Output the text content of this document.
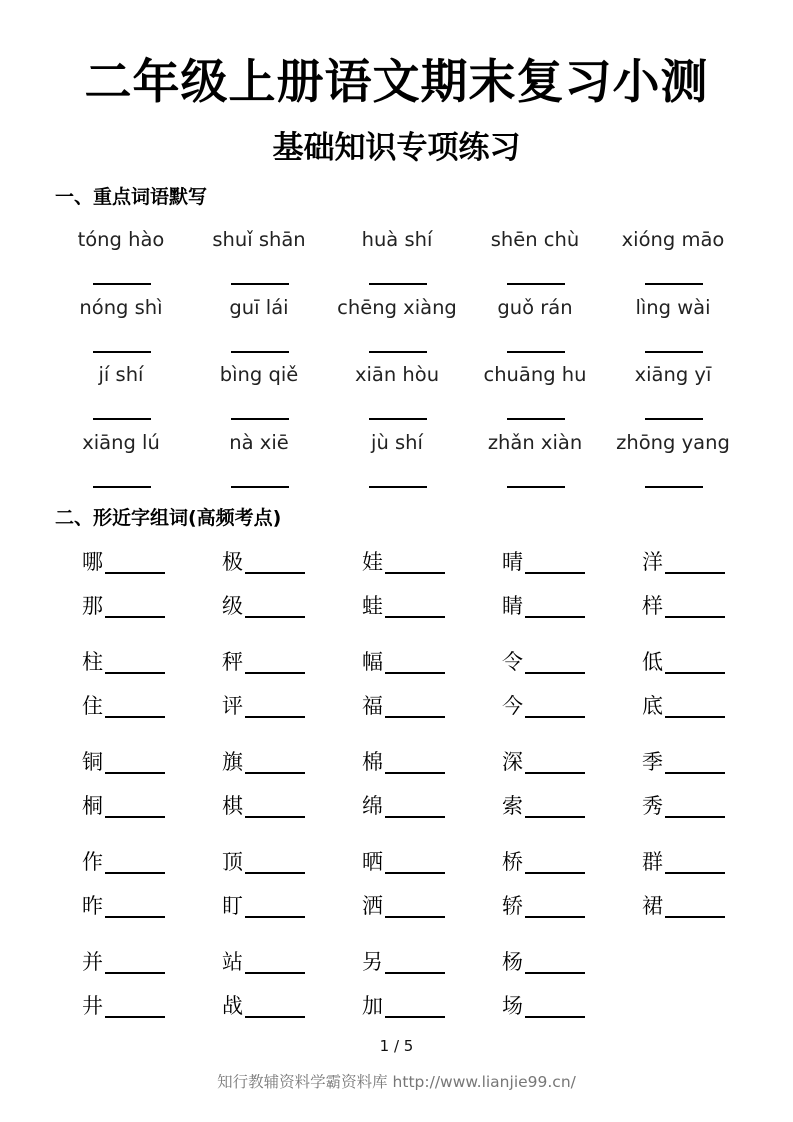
二年级上册语文期末复习小测
基础知识专项练习
一、重点词语默写
tóng hào	shuǐ shān	huà shí	shēn chù	xióng māo
nóng shì	guī lái	chēng xiàng	guǒ rán	lìng wài
jí shí	bìng qiě	xiān hòu	chuāng hu	xiāng yī
xiāng lú	nà xiē	jù shí	zhǎn xiàn	zhōng yang
二、形近字组词(高频考点)
哪	极	娃	晴	洋
那	级	蛙	睛	样
柱	秤	幅	令	低
住	评	福	今	底
铜	旗	棉	深	季
桐	棋	绵	索	秀
作	顶	晒	桥	群
昨	盯	洒	轿	裙
并	站	另	杨
井	战	加	场
1 / 5
知行教辅资料学霸资料库 http://www.lianjie99.cn/
